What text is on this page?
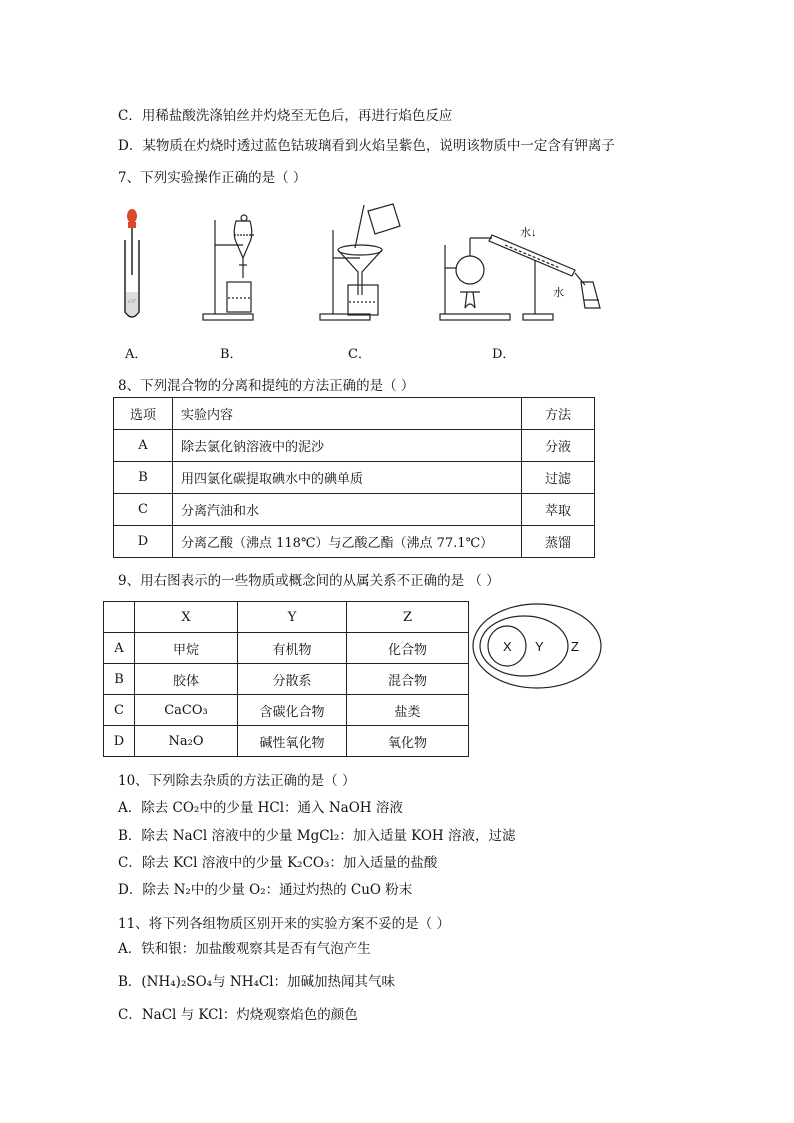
C．用稀盐酸洗涤铂丝并灼烧至无色后，再进行焰色反应
D．某物质在灼烧时透过蓝色钴玻璃看到火焰呈紫色，说明该物质中一定含有钾离子
7、下列实验操作正确的是（ ）
∴∵
水↓
水
A．	B．	C．	D．
8、下列混合物的分离和提纯的方法正确的是（ ）
选项	实验内容	方法
A	除去氯化钠溶液中的泥沙	分液
B	用四氯化碳提取碘水中的碘单质	过滤
C	分离汽油和水	萃取
D	分离乙酸（沸点 118℃）与乙酸乙酯（沸点 77.1℃）	蒸馏
9、用右图表示的一些物质或概念间的从属关系不正确的是 （ ）
	X	Y	Z
A	甲烷	有机物	化合物
B	胶体	分散系	混合物
C	CaCO₃	含碳化合物	盐类
D	Na₂O	碱性氧化物	氧化物
X Y Z
10、下列除去杂质的方法正确的是（ ）
A．除去 CO₂中的少量 HCl：通入 NaOH 溶液
B．除去 NaCl 溶液中的少量 MgCl₂：加入适量 KOH 溶液，过滤
C．除去 KCl 溶液中的少量 K₂CO₃：加入适量的盐酸
D．除去 N₂中的少量 O₂：通过灼热的 CuO 粉末
11、将下列各组物质区别开来的实验方案不妥的是（ ）
A．铁和银：加盐酸观察其是否有气泡产生
B．(NH₄)₂SO₄与 NH₄Cl：加碱加热闻其气味
C．NaCl 与 KCl：灼烧观察焰色的颜色
